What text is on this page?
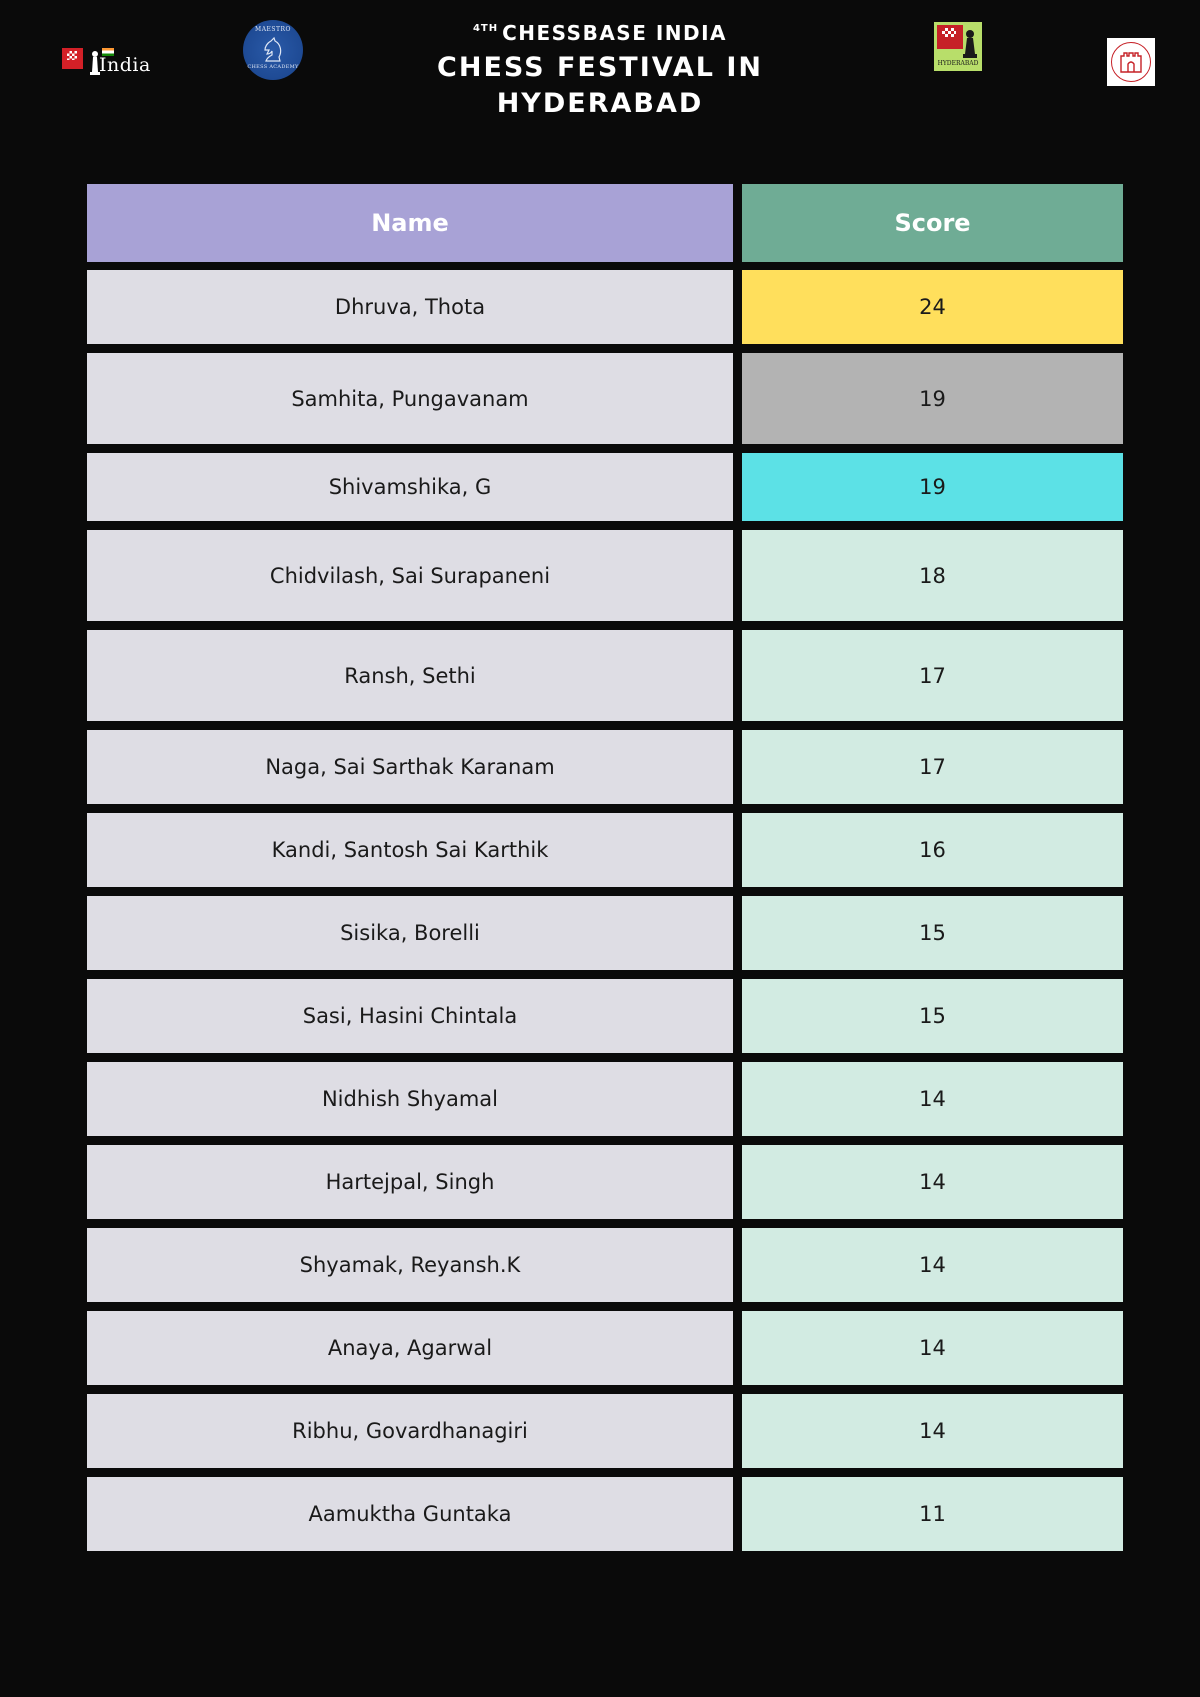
India
MAESTRO
CHESS ACADEMY
$^{4TH}$ CHESSBASE INDIA
CHESS FESTIVAL IN HYDERABAD
HYDERABAD
Name	Score
Dhruva, Thota	24
Samhita, Pungavanam	19
Shivamshika, G	19
Chidvilash, Sai Surapaneni	18
Ransh, Sethi	17
Naga, Sai Sarthak Karanam	17
Kandi, Santosh Sai Karthik	16
Sisika, Borelli	15
Sasi, Hasini Chintala	15
Nidhish Shyamal	14
Hartejpal, Singh	14
Shyamak, Reyansh.K	14
Anaya, Agarwal	14
Ribhu, Govardhanagiri	14
Aamuktha Guntaka	11
